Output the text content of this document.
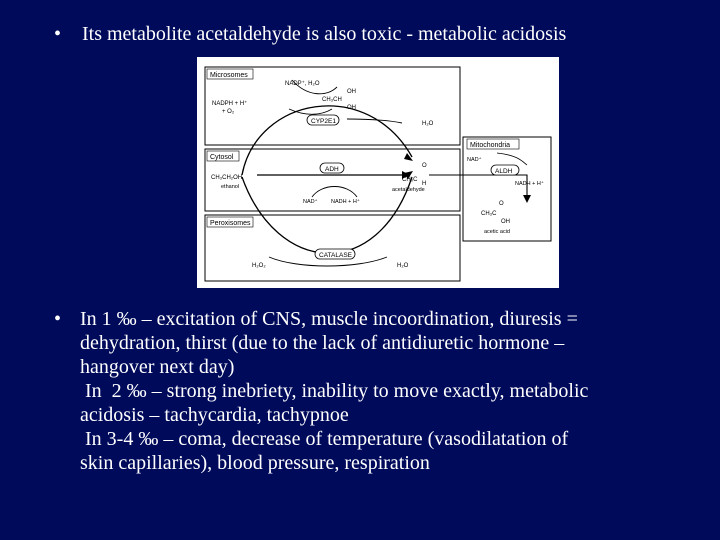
• Its metabolite acetaldehyde is also toxic - metabolic acidosis
Microsomes
Cytosol
Peroxisomes
Mitochondria
CYP2E1
ADH	ALDH
CATALASE
NADP⁺, H₂O
NADPH + H⁺
+ O₂
CH₃CH
OH
OH
H₂O
CH₃CH₂OH
ethanol
NAD⁺ NADH + H⁺
CH₃C
O
H
acetaldehyde
NAD⁺
NADH + H⁺
CH₃C
O
OH
acetic acid
H₂O₂	H₂O
• In 1 ‰ – excitation of CNS, muscle incoordination, diuresis =
dehydration, thirst (due to the lack of antidiuretic hormone –
hangover next day)
In  2 ‰ – strong inebriety, inability to move exactly, metabolic
acidosis – tachycardia, tachypnoe
In 3-4 ‰ – coma, decrease of temperature (vasodilatation of
skin capillaries), blood pressure, respiration
